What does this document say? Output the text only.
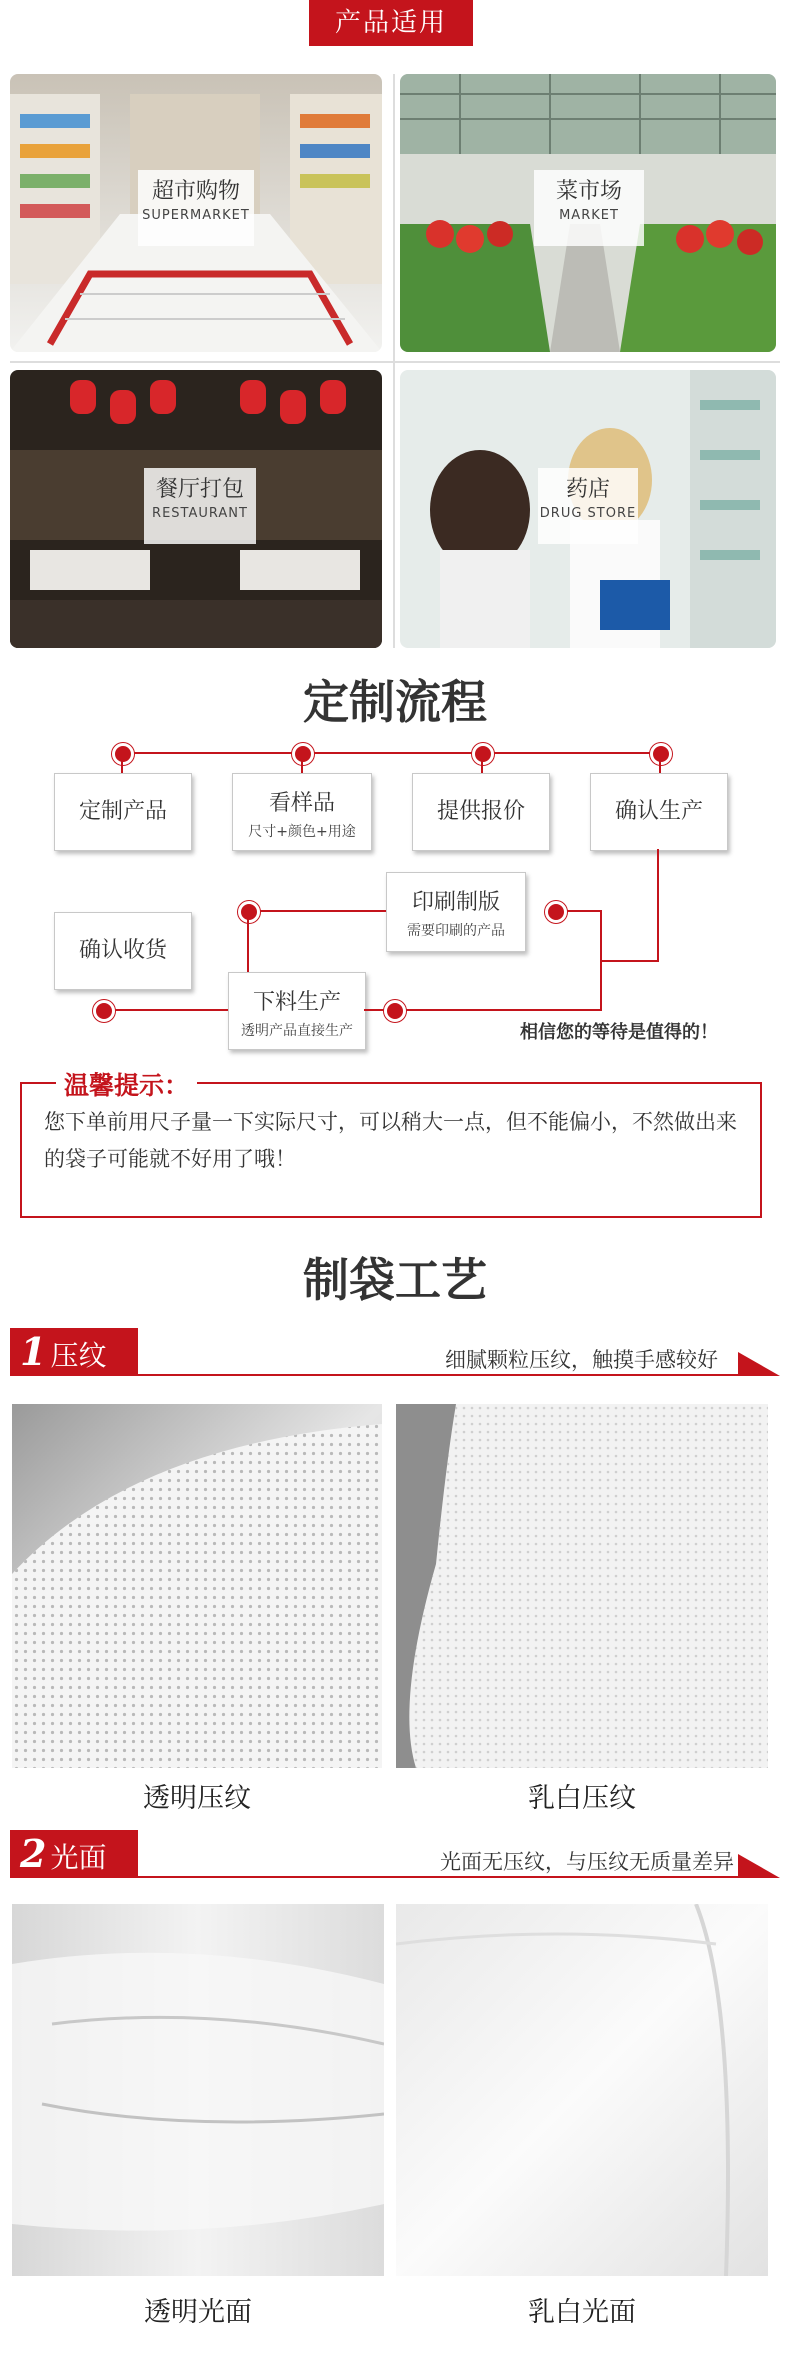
产品适用
超市购物
SUPERMARKET
菜市场
MARKET
餐厅打包
RESTAURANT
药店
DRUG STORE
定制流程
定制产品	看样品
尺寸+颜色+用途
提供报价	确认生产
印刷制版
需要印刷的产品
确认收货
下料生产
透明产品直接生产	相信您的等待是值得的！
温馨提示：
您下单前用尺子量一下实际尺寸，可以稍大一点，但不能偏小，不然做出来的袋子可能就不好用了哦！
制袋工艺
1 压纹	细腻颗粒压纹，触摸手感较好
透明压纹	乳白压纹
2 光面	光面无压纹，与压纹无质量差异
透明光面	乳白光面
